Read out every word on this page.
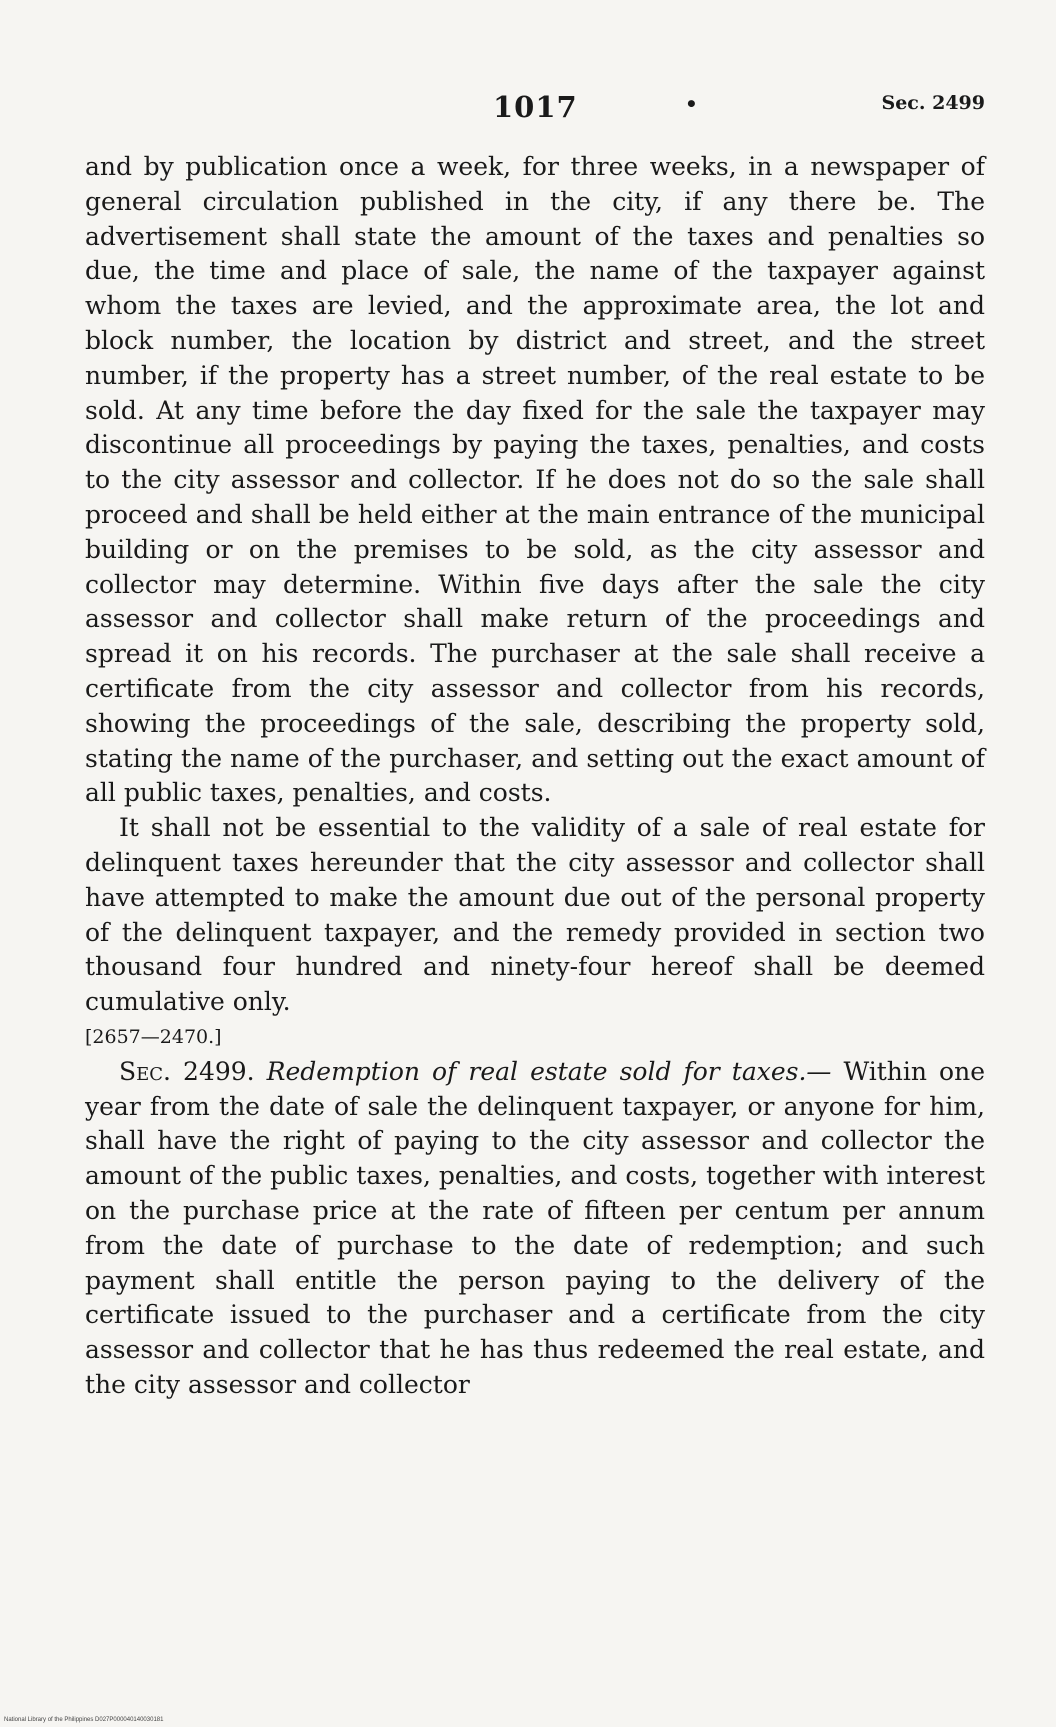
1017	•	Sec. 2499

and by publication once a week, for three weeks, in a newspaper of general circulation published in the city, if any there be. The advertisement shall state the amount of the taxes and penalties so due, the time and place of sale, the name of the taxpayer against whom the taxes are levied, and the approximate area, the lot and block number, the location by district and street, and the street number, if the property has a street number, of the real estate to be sold. At any time before the day fixed for the sale the taxpayer may discontinue all proceedings by paying the taxes, penalties, and costs to the city assessor and collector. If he does not do so the sale shall proceed and shall be held either at the main entrance of the municipal building or on the premises to be sold, as the city assessor and collector may determine. Within five days after the sale the city assessor and collector shall make return of the proceedings and spread it on his records. The purchaser at the sale shall receive a certificate from the city assessor and collector from his records, showing the proceedings of the sale, describing the property sold, stating the name of the purchaser, and setting out the exact amount of all public taxes, penalties, and costs.

It shall not be essential to the validity of a sale of real estate for delinquent taxes hereunder that the city assessor and collector shall have attempted to make the amount due out of the personal property of the delinquent taxpayer, and the remedy provided in section two thousand four hundred and ninety-four hereof shall be deemed cumulative only.

[2657—2470.]

Sec. 2499. Redemption of real estate sold for taxes.— Within one year from the date of sale the delinquent taxpayer, or anyone for him, shall have the right of paying to the city assessor and collector the amount of the public taxes, penalties, and costs, together with interest on the purchase price at the rate of fifteen per centum per annum from the date of purchase to the date of redemption; and such payment shall entitle the person paying to the delivery of the certificate issued to the purchaser and a certificate from the city assessor and collector that he has thus redeemed the real estate, and the city assessor and collector

National Library of the Philippines D027P000040140030181
